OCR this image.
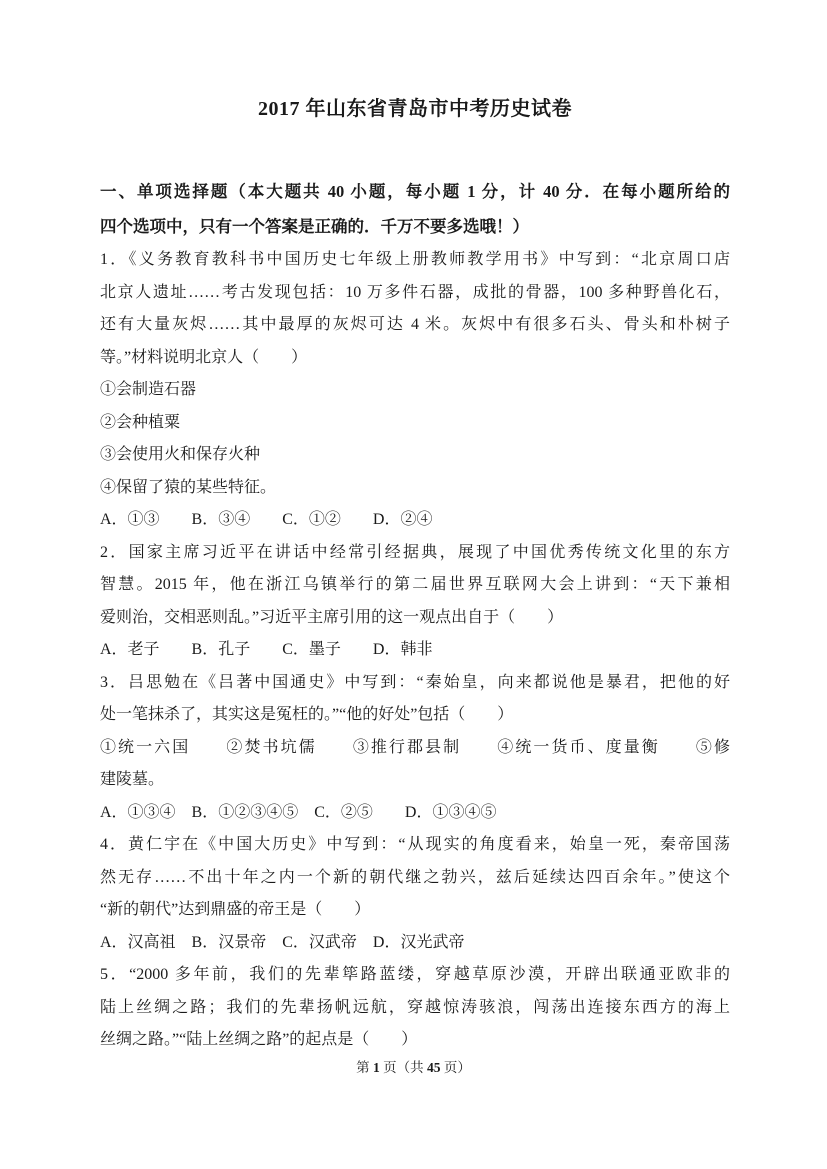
2017 年山东省青岛市中考历史试卷
一、单项选择题（本大题共 40 小题，每小题 1 分，计 40 分．在每小题所给的
四个选项中，只有一个答案是正确的．千万不要多选哦！）
1．《义务教育教科书中国历史七年级上册教师教学用书》中写到：“北京周口店
北京人遗址……考古发现包括：10 万多件石器，成批的骨器，100 多种野兽化石，
还有大量灰烬……其中最厚的灰烬可达 4 米。灰烬中有很多石头、骨头和朴树子
等。”材料说明北京人（　　）
①会制造石器
②会种植粟
③会使用火和保存火种
④保留了猿的某些特征。
A．①③　　B．③④　　C．①②　　D．②④
2．国家主席习近平在讲话中经常引经据典，展现了中国优秀传统文化里的东方
智慧。2015 年，他在浙江乌镇举行的第二届世界互联网大会上讲到：“天下兼相
爱则治，交相恶则乱。”习近平主席引用的这一观点出自于（　　）
A．老子　　B．孔子　　C．墨子　　D．韩非
3．吕思勉在《吕著中国通史》中写到：“秦始皇，向来都说他是暴君，把他的好
处一笔抹杀了，其实这是冤枉的。”“他的好处”包括（　　）
①统一六国　　②焚书坑儒　　③推行郡县制　　④统一货币、度量衡　　⑤修
建陵墓。
A．①③④　B．①②③④⑤　C．②⑤　　D．①③④⑤
4．黄仁宇在《中国大历史》中写到：“从现实的角度看来，始皇一死，秦帝国荡
然无存……不出十年之内一个新的朝代继之勃兴，兹后延续达四百余年。”使这个
“新的朝代”达到鼎盛的帝王是（　　）
A．汉高祖　B．汉景帝　C．汉武帝　D．汉光武帝
5．“2000 多年前，我们的先辈筚路蓝缕，穿越草原沙漠，开辟出联通亚欧非的
陆上丝绸之路；我们的先辈扬帆远航，穿越惊涛骇浪，闯荡出连接东西方的海上
丝绸之路。”“陆上丝绸之路”的起点是（　　）
第 1 页（共 45 页）
